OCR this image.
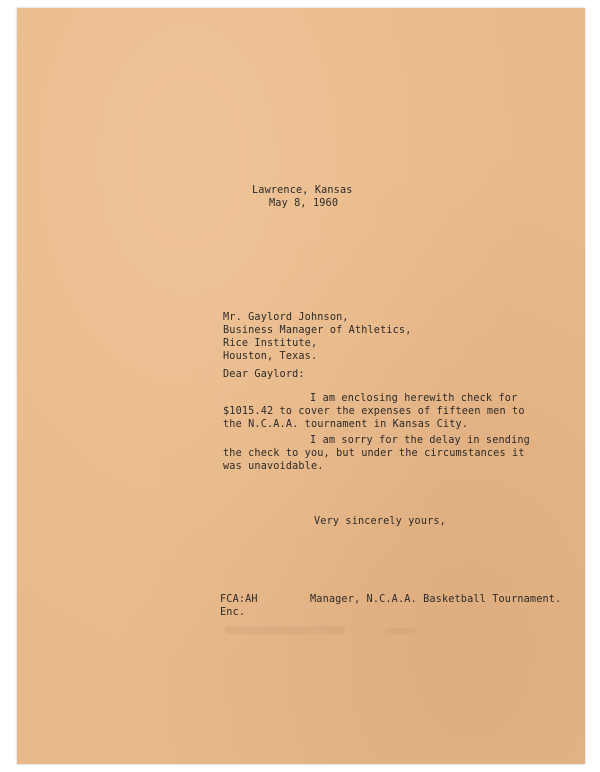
Lawrence, Kansas
May 8, 1960
Mr. Gaylord Johnson,
Business Manager of Athletics,
Rice Institute,
Houston, Texas.
Dear Gaylord:
I am enclosing herewith check for
$1015.42 to cover the expenses of fifteen men to
the N.C.A.A. tournament in Kansas City.
I am sorry for the delay in sending
the check to you, but under the circumstances it
was unavoidable.
Very sincerely yours,
FCA:AH
Enc.
Manager, N.C.A.A. Basketball Tournament.
